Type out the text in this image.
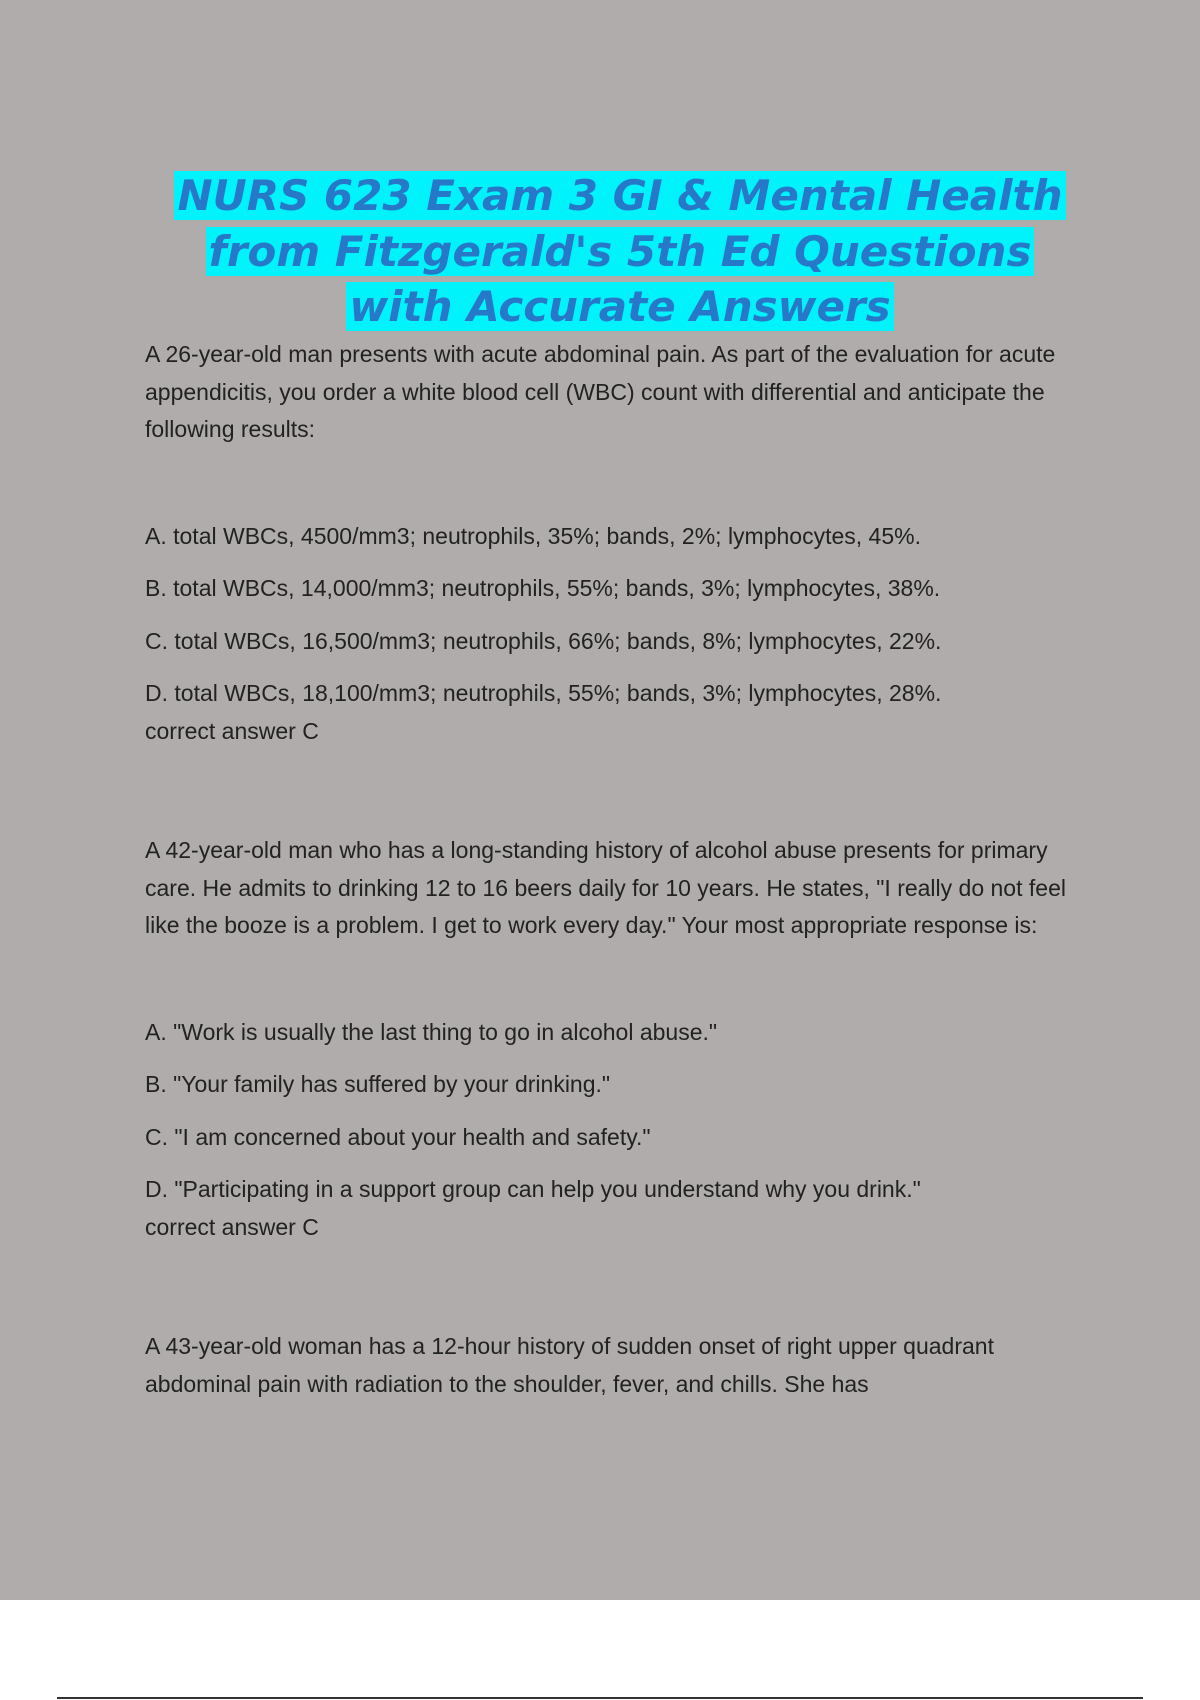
NURS 623 Exam 3 GI & Mental Health
from Fitzgerald's 5th Ed Questions
with Accurate Answers

A 26-year-old man presents with acute abdominal pain. As part of the evaluation for acute appendicitis, you order a white blood cell (WBC) count with differential and anticipate the following results:

A. total WBCs, 4500/mm3; neutrophils, 35%; bands, 2%; lymphocytes, 45%.

B. total WBCs, 14,000/mm3; neutrophils, 55%; bands, 3%; lymphocytes, 38%.

C. total WBCs, 16,500/mm3; neutrophils, 66%; bands, 8%; lymphocytes, 22%.

D. total WBCs, 18,100/mm3; neutrophils, 55%; bands, 3%; lymphocytes, 28%.

correct answer C

A 42-year-old man who has a long-standing history of alcohol abuse presents for primary care. He admits to drinking 12 to 16 beers daily for 10 years. He states, "I really do not feel like the booze is a problem. I get to work every day." Your most appropriate response is:

A. "Work is usually the last thing to go in alcohol abuse."

B. "Your family has suffered by your drinking."

C. "I am concerned about your health and safety."

D. "Participating in a support group can help you understand why you drink."

correct answer C

A 43-year-old woman has a 12-hour history of sudden onset of right upper quadrant abdominal pain with radiation to the shoulder, fever, and chills. She has
